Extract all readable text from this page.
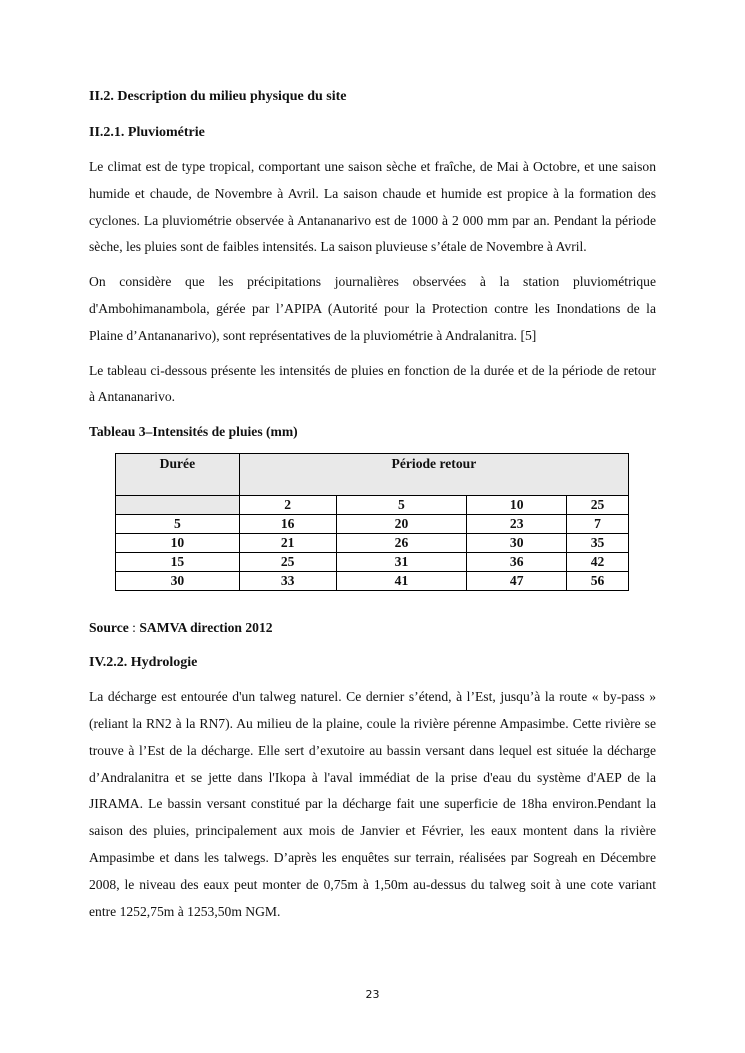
II.2. Description du milieu physique du site
II.2.1. Pluviométrie

Le climat est de type tropical, comportant une saison sèche et fraîche, de Mai à Octobre, et une saison humide et chaude, de Novembre à Avril. La saison chaude et humide est propice à la formation des cyclones. La pluviométrie observée à Antananarivo est de 1000 à 2 000 mm par an. Pendant la période sèche, les pluies sont de faibles intensités. La saison pluvieuse s’étale de Novembre à Avril.

On considère que les précipitations journalières observées à la station pluviométrique d'Ambohimanambola, gérée par l’APIPA (Autorité pour la Protection contre les Inondations de la Plaine d’Antananarivo), sont représentatives de la pluviométrie à Andralanitra. [5]

Le tableau ci-dessous présente les intensités de pluies en fonction de la durée et de la période de retour à Antananarivo.

Tableau 3–Intensités de pluies (mm)
Durée	Période retour			
	2	5	10	25
5	16	20	23	7
10	21	26	30	35
15	25	31	36	42
30	33	41	47	56
Source : SAMVA direction 2012
IV.2.2. Hydrologie

La décharge est entourée d'un talweg naturel. Ce dernier s’étend, à l’Est, jusqu’à la route « by-pass » (reliant la RN2 à la RN7). Au milieu de la plaine, coule la rivière pérenne Ampasimbe. Cette rivière se trouve à l’Est de la décharge. Elle sert d’exutoire au bassin versant dans lequel est située la décharge d’Andralanitra et se jette dans l'Ikopa à l'aval immédiat de la prise d'eau du système d'AEP de la JIRAMA. Le bassin versant constitué par la décharge fait une superficie de 18ha environ.Pendant la saison des pluies, principalement aux mois de Janvier et Février, les eaux montent dans la rivière Ampasimbe et dans les talwegs. D’après les enquêtes sur terrain, réalisées par Sogreah en Décembre 2008, le niveau des eaux peut monter de 0,75m à 1,50m au-dessus du talweg soit à une cote variant entre 1252,75m à 1253,50m NGM.

23
